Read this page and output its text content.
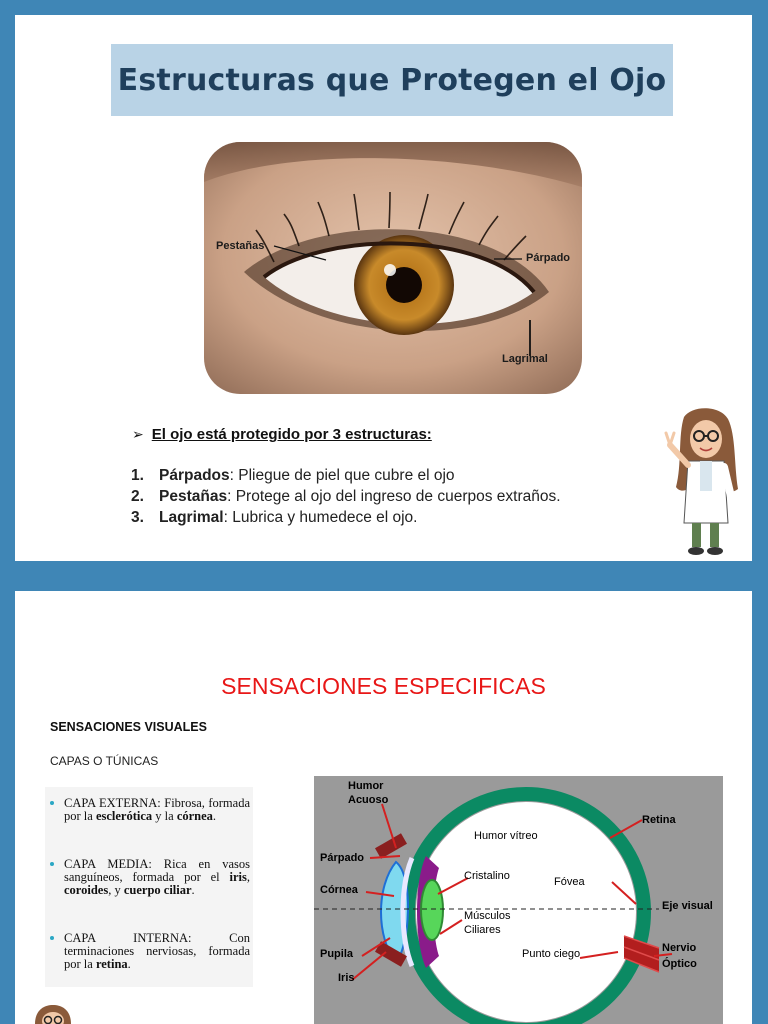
Estructuras que Protegen el Ojo
Pestañas
Párpado
Lagrimal
➢ El ojo está protegido por 3 estructuras:
1. Párpados: Pliegue de piel que cubre el ojo
2. Pestañas: Protege al ojo del ingreso de cuerpos extraños.
3. Lagrimal: Lubrica y humedece el ojo.
SENSACIONES ESPECIFICAS
SENSACIONES VISUALES
CAPAS O TÚNICAS
CAPA EXTERNA: Fibrosa, formada por la esclerótica y la córnea.
CAPA MEDIA: Rica en vasos sanguíneos, formada por el iris, coroides, y cuerpo ciliar.
CAPA INTERNA: Con terminaciones nerviosas, formada por la retina.
Humor
Acuoso
Párpado
Córnea
Pupila
Iris
Humor vítreo
Cristalino
Músculos
Ciliares
Retina
Fóvea
Eje visual
Punto ciego	Nervio
Óptico
